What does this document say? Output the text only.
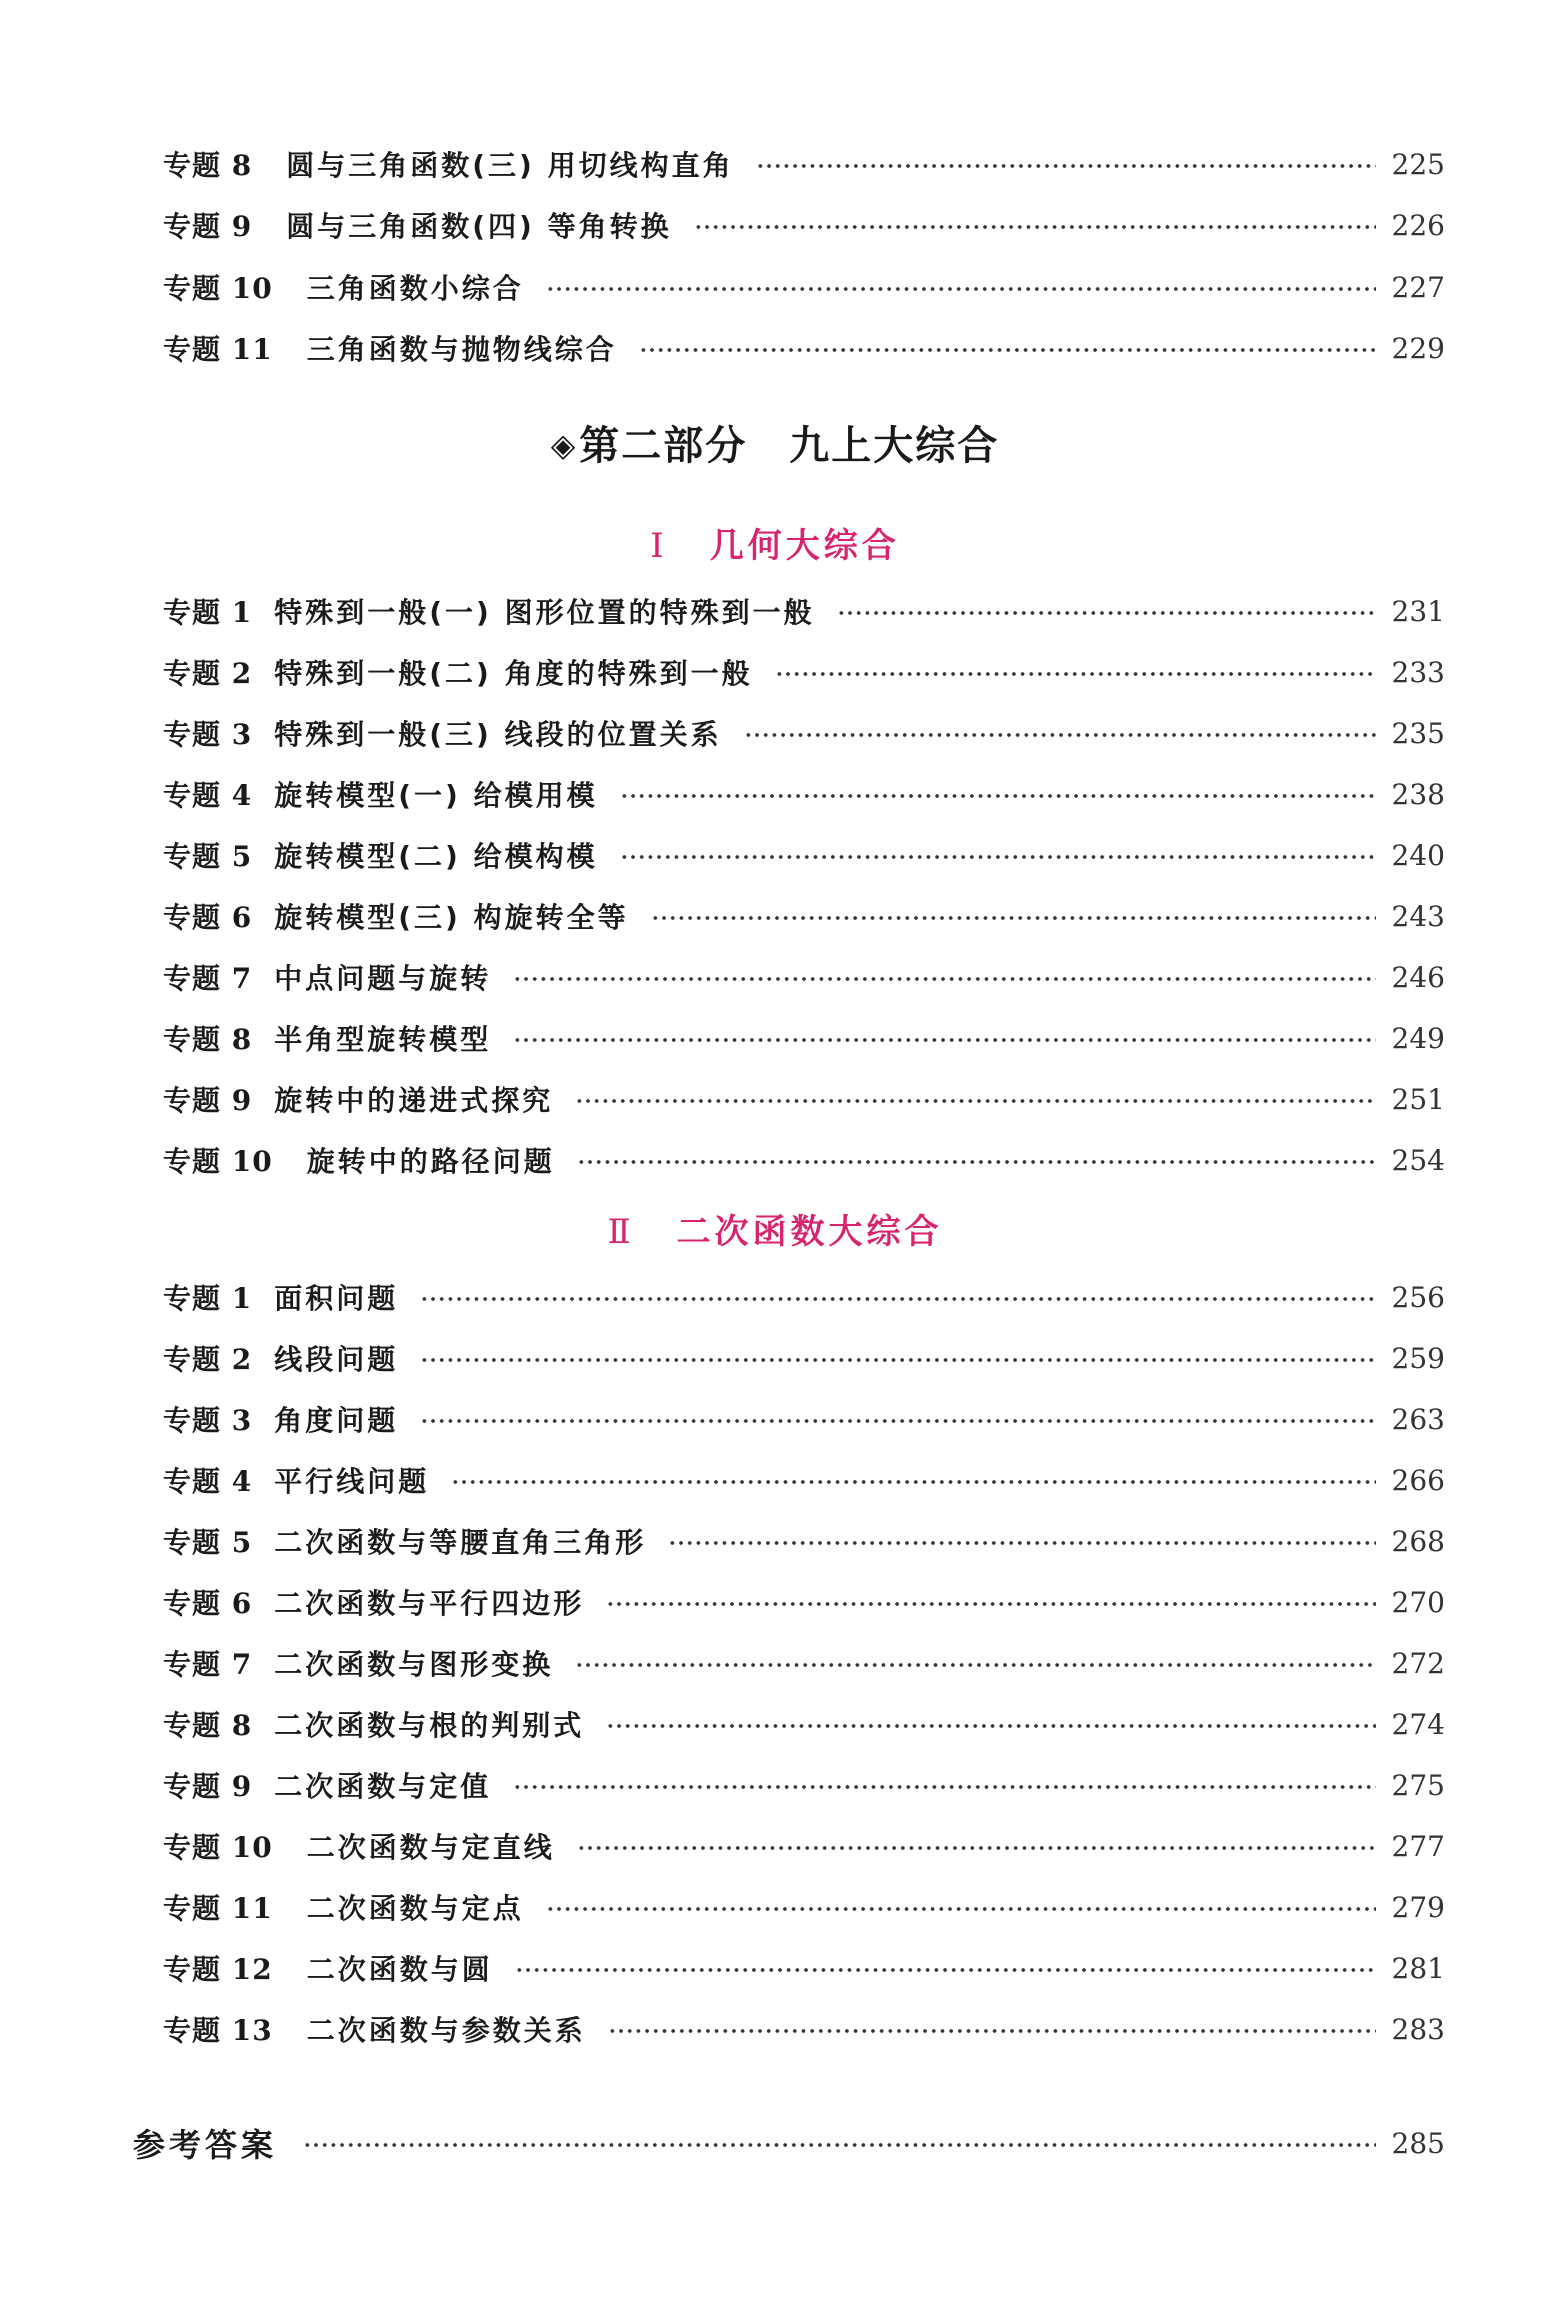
专题 8 圆与三角函数(三) 用切线构直角	225
专题 9 圆与三角函数(四) 等角转换	226
专题 10 三角函数小综合	227
专题 11 三角函数与抛物线综合	229
◈第二部分 九上大综合
Ⅰ 几何大综合
专题 1 特殊到一般(一) 图形位置的特殊到一般	231
专题 2 特殊到一般(二) 角度的特殊到一般	233
专题 3 特殊到一般(三) 线段的位置关系	235
专题 4 旋转模型(一) 给模用模	238
专题 5 旋转模型(二) 给模构模	240
专题 6 旋转模型(三) 构旋转全等	243
专题 7 中点问题与旋转	246
专题 8 半角型旋转模型	249
专题 9 旋转中的递进式探究	251
专题 10 旋转中的路径问题	254
Ⅱ 二次函数大综合
专题 1 面积问题	256
专题 2 线段问题	259
专题 3 角度问题	263
专题 4 平行线问题	266
专题 5 二次函数与等腰直角三角形	268
专题 6 二次函数与平行四边形	270
专题 7 二次函数与图形变换	272
专题 8 二次函数与根的判别式	274
专题 9 二次函数与定值	275
专题 10 二次函数与定直线	277
专题 11 二次函数与定点	279
专题 12 二次函数与圆	281
专题 13 二次函数与参数关系	283
参考答案	285
